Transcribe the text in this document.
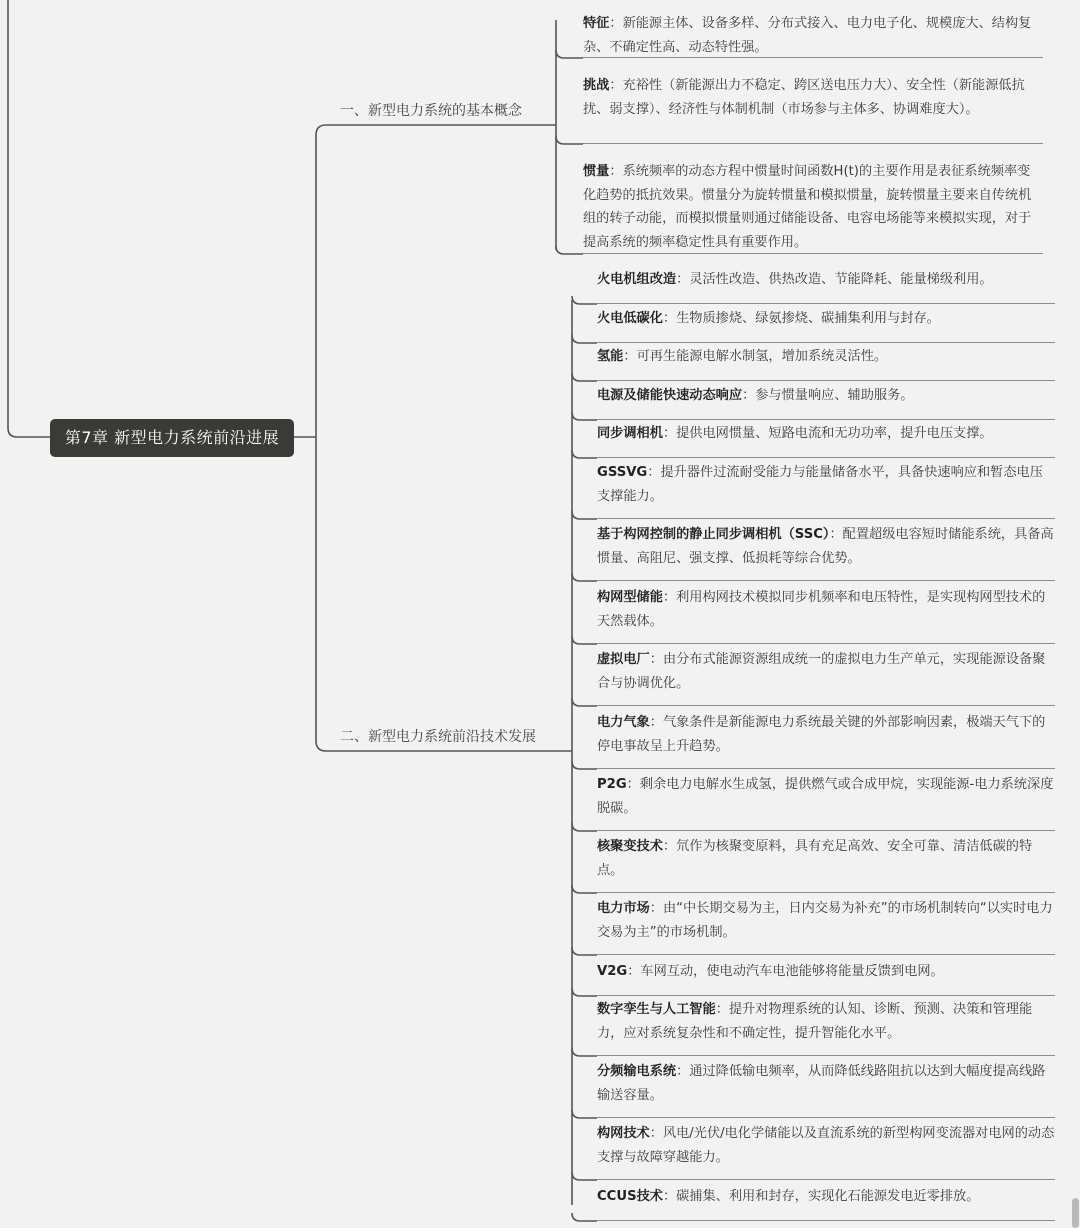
第7章 新型电力系统前沿进展
一、新型电力系统的基本概念
二、新型电力系统前沿技术发展
特征：新能源主体、设备多样、分布式接入、电力电子化、规模庞大、结构复杂、不确定性高、动态特性强。
挑战：充裕性（新能源出力不稳定、跨区送电压力大）、安全性（新能源低抗扰、弱支撑）、经济性与体制机制（市场参与主体多、协调难度大）。
惯量：系统频率的动态方程中惯量时间函数H(t)的主要作用是表征系统频率变化趋势的抵抗效果。惯量分为旋转惯量和模拟惯量，旋转惯量主要来自传统机组的转子动能，而模拟惯量则通过储能设备、电容电场能等来模拟实现，对于提高系统的频率稳定性具有重要作用。
火电机组改造：灵活性改造、供热改造、节能降耗、能量梯级利用。
火电低碳化：生物质掺烧、绿氨掺烧、碳捕集利用与封存。
氢能：可再生能源电解水制氢，增加系统灵活性。
电源及储能快速动态响应：参与惯量响应、辅助服务。
同步调相机：提供电网惯量、短路电流和无功功率，提升电压支撑。
GSSVG：提升器件过流耐受能力与能量储备水平，具备快速响应和暂态电压支撑能力。
基于构网控制的静止同步调相机（SSC）：配置超级电容短时储能系统，具备高惯量、高阻尼、强支撑、低损耗等综合优势。
构网型储能：利用构网技术模拟同步机频率和电压特性，是实现构网型技术的天然载体。
虚拟电厂：由分布式能源资源组成统一的虚拟电力生产单元，实现能源设备聚合与协调优化。
电力气象：气象条件是新能源电力系统最关键的外部影响因素，极端天气下的停电事故呈上升趋势。
P2G：剩余电力电解水生成氢，提供燃气或合成甲烷，实现能源-电力系统深度脱碳。
核聚变技术：氘作为核聚变原料，具有充足高效、安全可靠、清洁低碳的特点。
电力市场：由“中长期交易为主，日内交易为补充”的市场机制转向“以实时电力交易为主”的市场机制。
V2G：车网互动，使电动汽车电池能够将能量反馈到电网。
数字孪生与人工智能：提升对物理系统的认知、诊断、预测、决策和管理能力，应对系统复杂性和不确定性，提升智能化水平。
分频输电系统：通过降低输电频率，从而降低线路阻抗以达到大幅度提高线路输送容量。
构网技术：风电/光伏/电化学储能以及直流系统的新型构网变流器对电网的动态支撑与故障穿越能力。
CCUS技术：碳捕集、利用和封存，实现化石能源发电近零排放。
